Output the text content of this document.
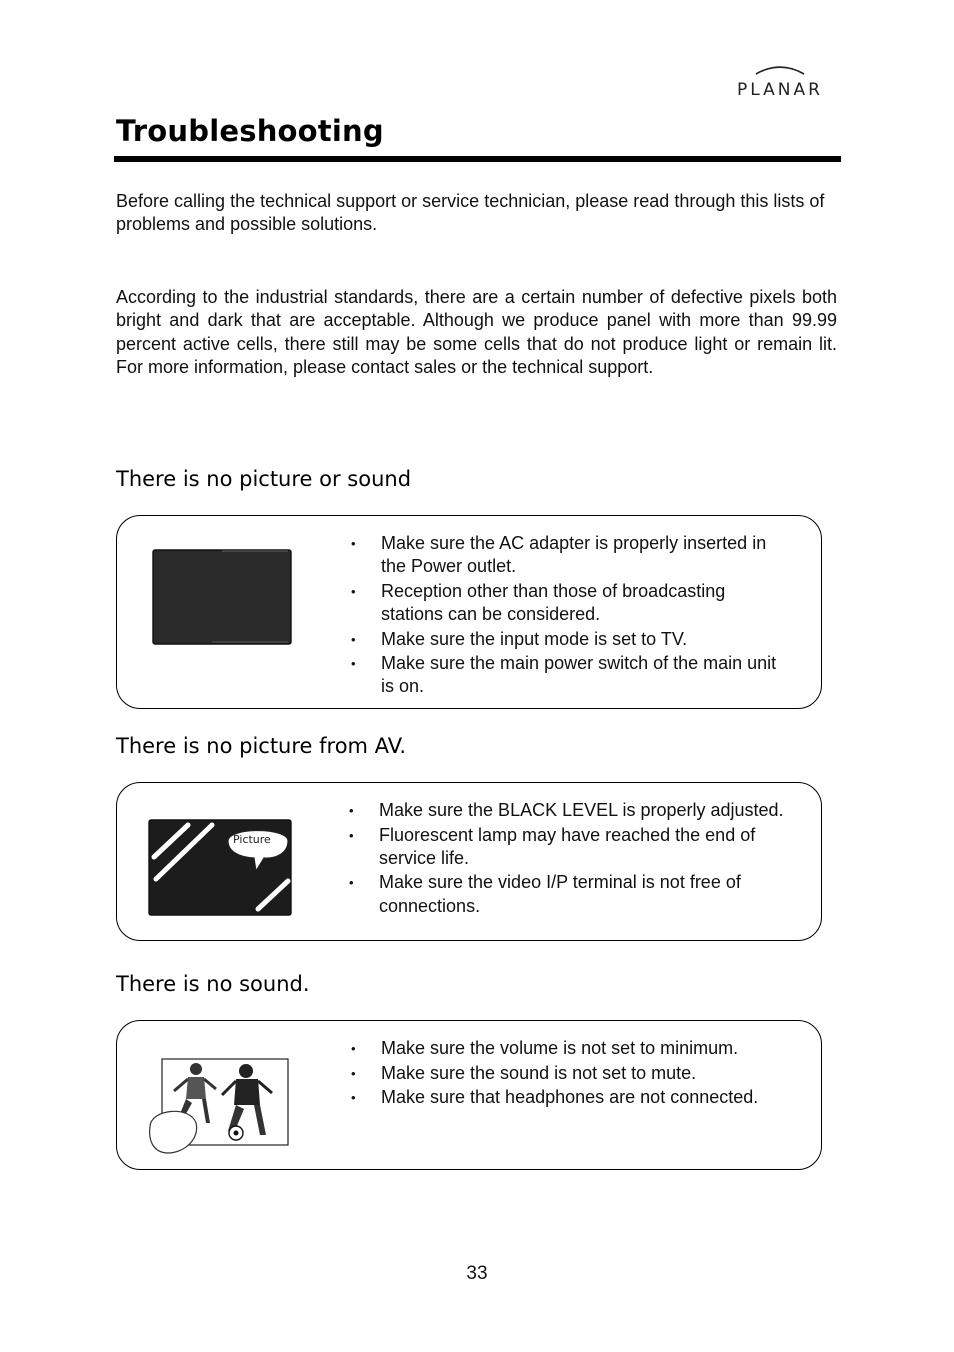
PLANAR
Troubleshooting
Before calling the technical support or service technician, please read through this lists of problems and possible solutions.
According to the industrial standards, there are a certain number of defective pixels both bright and dark that are acceptable. Although we produce panel with more than 99.99 percent active cells, there still may be some cells that do not produce light or remain lit. For more information, please contact sales or the technical support.
There is no picture or sound
• Make sure the AC adapter is properly inserted in the Power outlet.
• Reception other than those of broadcasting stations can be considered.
• Make sure the input mode is set to TV.
• Make sure the main power switch of the main unit is on.
There is no picture from AV.
Picture
• Make sure the BLACK LEVEL is properly adjusted.
• Fluorescent lamp may have reached the end of service life.
• Make sure the video I/P terminal is not free of connections.
There is no sound.
• Make sure the volume is not set to minimum.
• Make sure the sound is not set to mute.
• Make sure that headphones are not connected.
33
